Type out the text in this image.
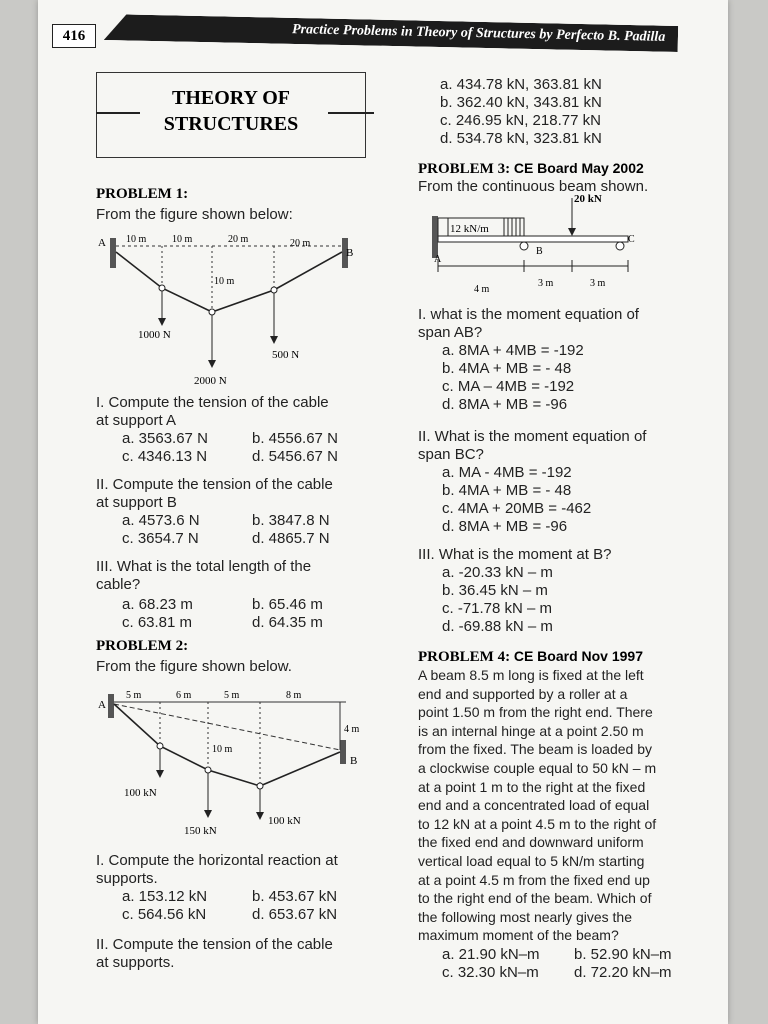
416	Practice Problems in Theory of Structures by Perfecto B. Padilla
THEORY OF
STRUCTURES
PROBLEM 1:
From the figure shown below:
A
B
10 m	10 m	20 m	20 m
10 m
1000 N
2000 N
500 N
I. Compute the tension of the cable
at support A
a. 3563.67 N	b. 4556.67 N
c. 4346.13 N	d. 5456.67 N
II. Compute the tension of the cable
at support B
a. 4573.6 N	b. 3847.8 N
c. 3654.7 N	d. 4865.7 N
III. What is the total length of the
cable?
a. 68.23 m	b. 65.46 m
c. 63.81 m	d. 64.35 m
PROBLEM 2:
From the figure shown below.
A
B
5 m	6 m	5 m	8 m
4 m
10 m
100 kN
150 kN
100 kN
I. Compute the horizontal reaction at
supports.
a. 153.12 kN	b. 453.67 kN
c. 564.56 kN	d. 653.67 kN
II. Compute the tension of the cable
at supports.
a. 434.78 kN, 363.81 kN
b. 362.40 kN, 343.81 kN
c. 246.95 kN, 218.77 kN
d. 534.78 kN, 323.81 kN
PROBLEM 3: CE Board May 2002
From the continuous beam shown.
12 kN/m
20 kN
A
B
C
4 m
3 m	3 m
I. what is the moment equation of
span AB?
a. 8MA + 4MB = -192
b. 4MA + MB = - 48
c. MA – 4MB = -192
d. 8MA + MB = -96
II. What is the moment equation of
span BC?
a. MA - 4MB = -192
b. 4MA + MB = - 48
c. 4MA + 20MB = -462
d. 8MA + MB = -96
III. What is the moment at B?
a. -20.33 kN – m
b. 36.45 kN – m
c. -71.78 kN – m
d. -69.88 kN – m
PROBLEM 4: CE Board Nov 1997
A beam 8.5 m long is fixed at the left
end and supported by a roller at a
point 1.50 m from the right end. There
is an internal hinge at a point 2.50 m
from the fixed. The beam is loaded by
a clockwise couple equal to 50 kN – m
at a point 1 m to the right at the fixed
end and a concentrated load of equal
to 12 kN at a point 4.5 m to the right of
the fixed end and downward uniform
vertical load equal to 5 kN/m starting
at a point 4.5 m from the fixed end up
to the right end of the beam. Which of
the following most nearly gives the
maximum moment of the beam?
a. 21.90 kN–m b. 52.90 kN–m
c. 32.30 kN–m d. 72.20 kN–m
